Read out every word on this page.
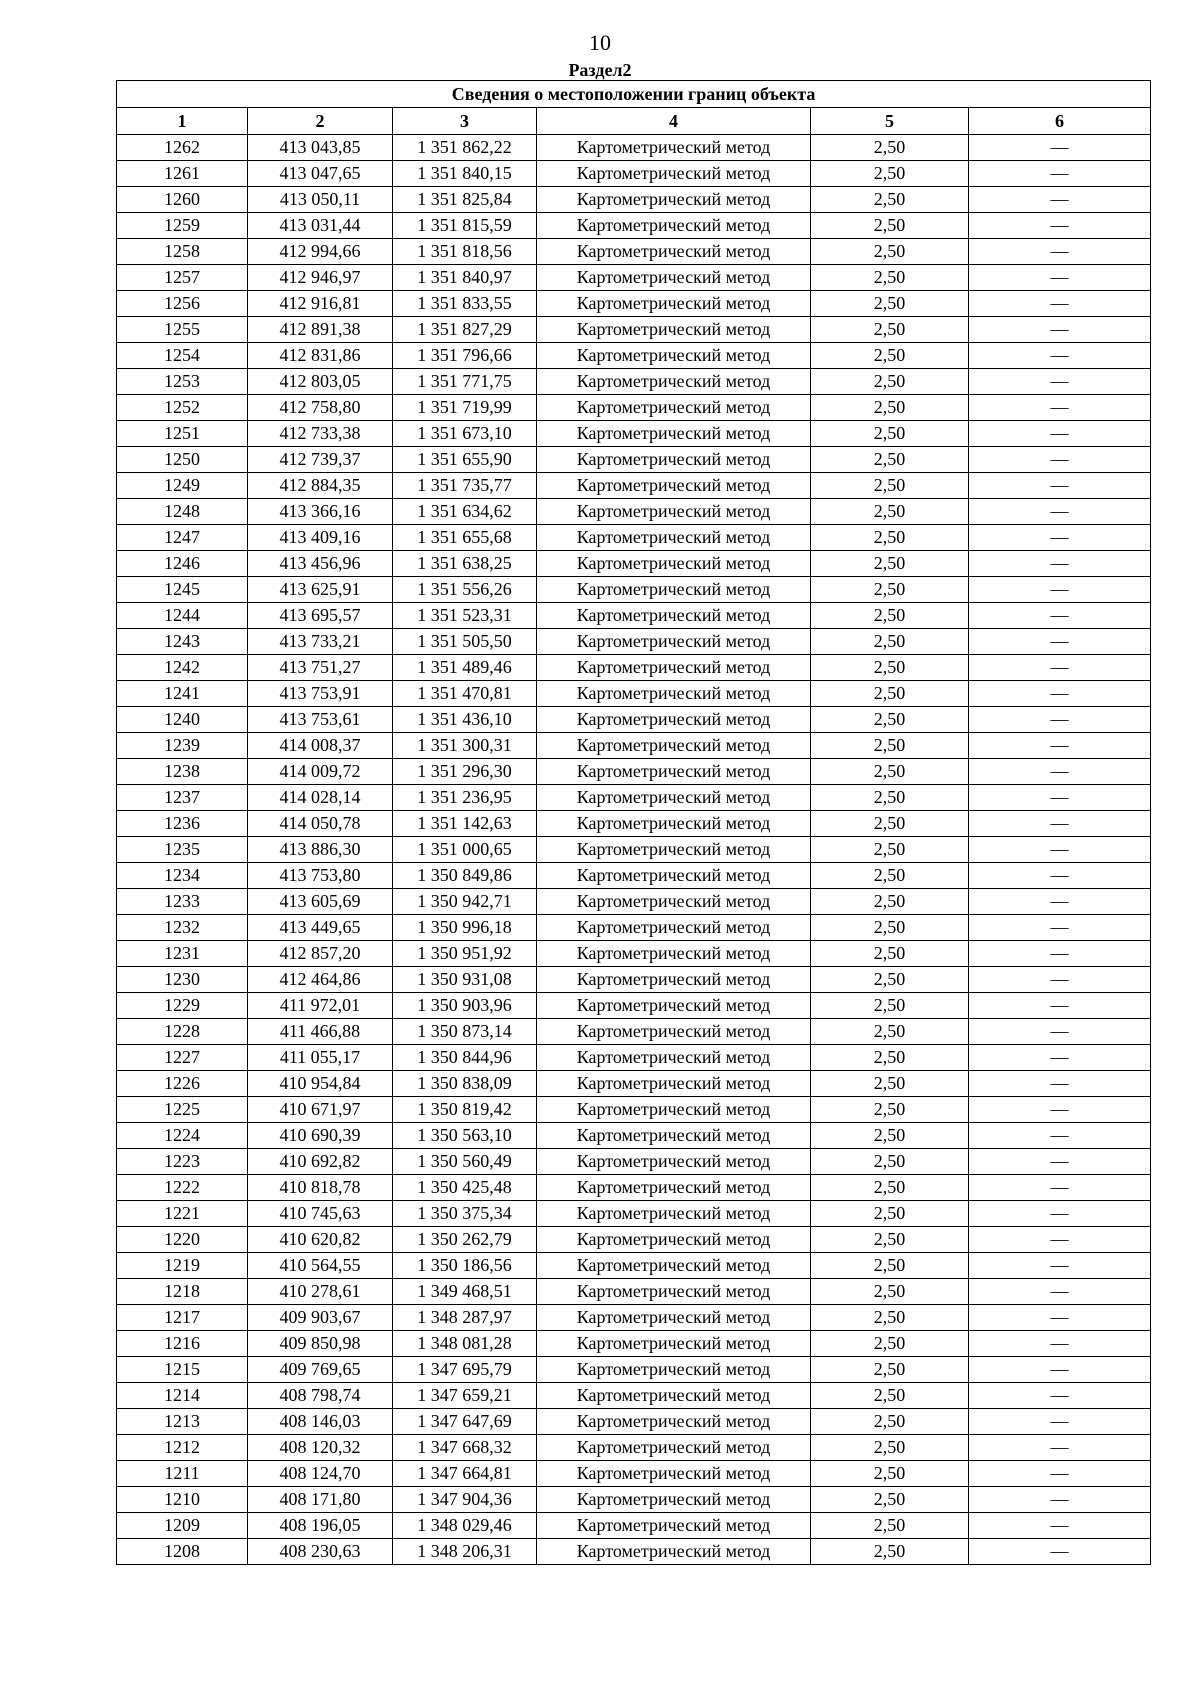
10
Раздел2
Сведения о местоположении границ объекта					
1	2	3	4	5	6
1262	413 043,85	1 351 862,22	Картометрический метод	2,50	—
1261	413 047,65	1 351 840,15	Картометрический метод	2,50	—
1260	413 050,11	1 351 825,84	Картометрический метод	2,50	—
1259	413 031,44	1 351 815,59	Картометрический метод	2,50	—
1258	412 994,66	1 351 818,56	Картометрический метод	2,50	—
1257	412 946,97	1 351 840,97	Картометрический метод	2,50	—
1256	412 916,81	1 351 833,55	Картометрический метод	2,50	—
1255	412 891,38	1 351 827,29	Картометрический метод	2,50	—
1254	412 831,86	1 351 796,66	Картометрический метод	2,50	—
1253	412 803,05	1 351 771,75	Картометрический метод	2,50	—
1252	412 758,80	1 351 719,99	Картометрический метод	2,50	—
1251	412 733,38	1 351 673,10	Картометрический метод	2,50	—
1250	412 739,37	1 351 655,90	Картометрический метод	2,50	—
1249	412 884,35	1 351 735,77	Картометрический метод	2,50	—
1248	413 366,16	1 351 634,62	Картометрический метод	2,50	—
1247	413 409,16	1 351 655,68	Картометрический метод	2,50	—
1246	413 456,96	1 351 638,25	Картометрический метод	2,50	—
1245	413 625,91	1 351 556,26	Картометрический метод	2,50	—
1244	413 695,57	1 351 523,31	Картометрический метод	2,50	—
1243	413 733,21	1 351 505,50	Картометрический метод	2,50	—
1242	413 751,27	1 351 489,46	Картометрический метод	2,50	—
1241	413 753,91	1 351 470,81	Картометрический метод	2,50	—
1240	413 753,61	1 351 436,10	Картометрический метод	2,50	—
1239	414 008,37	1 351 300,31	Картометрический метод	2,50	—
1238	414 009,72	1 351 296,30	Картометрический метод	2,50	—
1237	414 028,14	1 351 236,95	Картометрический метод	2,50	—
1236	414 050,78	1 351 142,63	Картометрический метод	2,50	—
1235	413 886,30	1 351 000,65	Картометрический метод	2,50	—
1234	413 753,80	1 350 849,86	Картометрический метод	2,50	—
1233	413 605,69	1 350 942,71	Картометрический метод	2,50	—
1232	413 449,65	1 350 996,18	Картометрический метод	2,50	—
1231	412 857,20	1 350 951,92	Картометрический метод	2,50	—
1230	412 464,86	1 350 931,08	Картометрический метод	2,50	—
1229	411 972,01	1 350 903,96	Картометрический метод	2,50	—
1228	411 466,88	1 350 873,14	Картометрический метод	2,50	—
1227	411 055,17	1 350 844,96	Картометрический метод	2,50	—
1226	410 954,84	1 350 838,09	Картометрический метод	2,50	—
1225	410 671,97	1 350 819,42	Картометрический метод	2,50	—
1224	410 690,39	1 350 563,10	Картометрический метод	2,50	—
1223	410 692,82	1 350 560,49	Картометрический метод	2,50	—
1222	410 818,78	1 350 425,48	Картометрический метод	2,50	—
1221	410 745,63	1 350 375,34	Картометрический метод	2,50	—
1220	410 620,82	1 350 262,79	Картометрический метод	2,50	—
1219	410 564,55	1 350 186,56	Картометрический метод	2,50	—
1218	410 278,61	1 349 468,51	Картометрический метод	2,50	—
1217	409 903,67	1 348 287,97	Картометрический метод	2,50	—
1216	409 850,98	1 348 081,28	Картометрический метод	2,50	—
1215	409 769,65	1 347 695,79	Картометрический метод	2,50	—
1214	408 798,74	1 347 659,21	Картометрический метод	2,50	—
1213	408 146,03	1 347 647,69	Картометрический метод	2,50	—
1212	408 120,32	1 347 668,32	Картометрический метод	2,50	—
1211	408 124,70	1 347 664,81	Картометрический метод	2,50	—
1210	408 171,80	1 347 904,36	Картометрический метод	2,50	—
1209	408 196,05	1 348 029,46	Картометрический метод	2,50	—
1208	408 230,63	1 348 206,31	Картометрический метод	2,50	—
